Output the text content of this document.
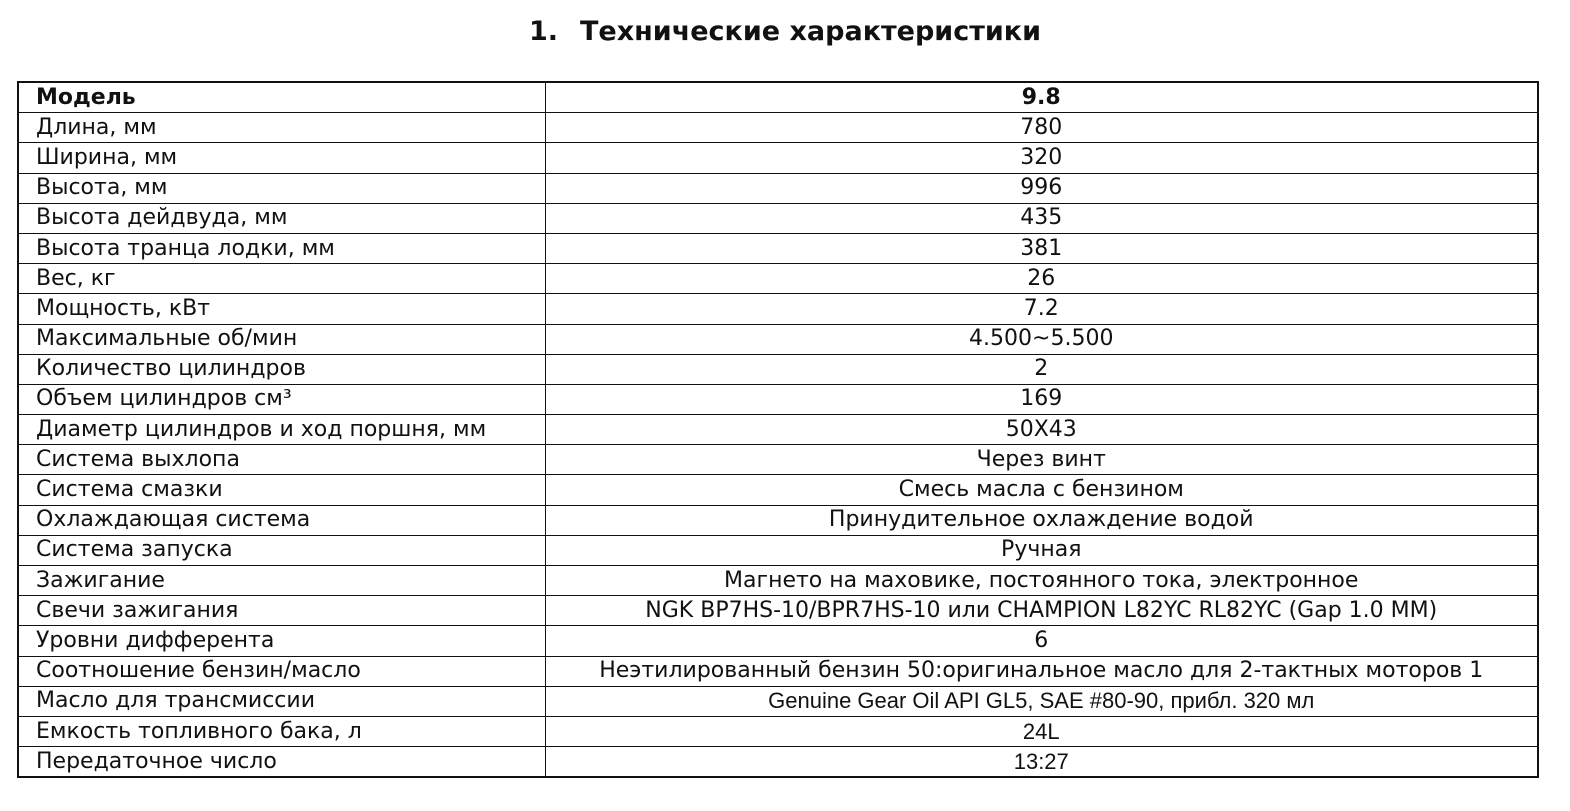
1. Технические характеристики
Модель	9.8
Длина, мм	780
Ширина, мм	320
Высота, мм	996
Высота дейдвуда, мм	435
Высота транца лодки, мм	381
Вес, кг	26
Мощность, кВт	7.2
Максимальные об/мин	4.500~5.500
Количество цилиндров	2
Объем цилиндров см³	169
Диаметр цилиндров и ход поршня, мм	50X43
Система выхлопа	Через винт
Система смазки	Смесь масла с бензином
Охлаждающая система	Принудительное охлаждение водой
Система запуска	Ручная
Зажигание	Магнето на маховике, постоянного тока, электронное
Свечи зажигания	NGK BP7HS-10/BPR7HS-10 или CHAMPION L82YC RL82YC (Gap 1.0 MM)
Уровни дифферента	6
Соотношение бензин/масло	Неэтилированный бензин 50:оригинальное масло для 2-тактных моторов 1
Масло для трансмиссии	Genuine Gear Oil API GL5, SAE #80-90, прибл. 320 мл
Емкость топливного бака, л	24L
Передаточное число	13:27
